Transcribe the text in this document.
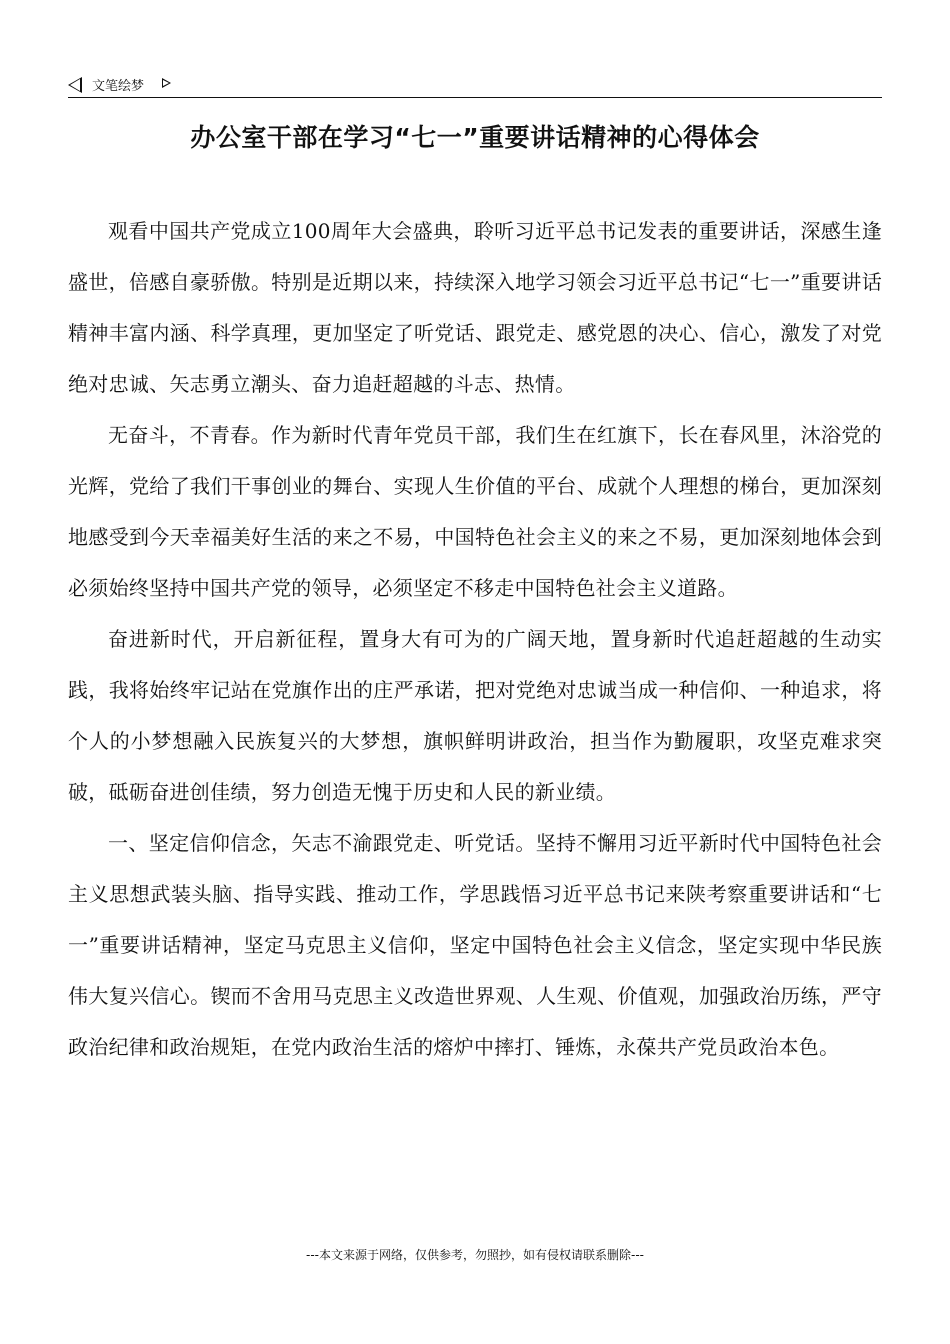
文笔绘梦
办公室干部在学习“七一”重要讲话精神的心得体会

观看中国共产党成立100周年大会盛典，聆听习近平总书记发表的重要讲话，深感生逢盛世，倍感自豪骄傲。特别是近期以来，持续深入地学习领会习近平总书记“七一”重要讲话精神丰富内涵、科学真理，更加坚定了听党话、跟党走、感党恩的决心、信心，激发了对党绝对忠诚、矢志勇立潮头、奋力追赶超越的斗志、热情。

无奋斗，不青春。作为新时代青年党员干部，我们生在红旗下，长在春风里，沐浴党的光辉，党给了我们干事创业的舞台、实现人生价值的平台、成就个人理想的梯台，更加深刻地感受到今天幸福美好生活的来之不易，中国特色社会主义的来之不易，更加深刻地体会到必须始终坚持中国共产党的领导，必须坚定不移走中国特色社会主义道路。

奋进新时代，开启新征程，置身大有可为的广阔天地，置身新时代追赶超越的生动实践，我将始终牢记站在党旗作出的庄严承诺，把对党绝对忠诚当成一种信仰、一种追求，将个人的小梦想融入民族复兴的大梦想，旗帜鲜明讲政治，担当作为勤履职，攻坚克难求突破，砥砺奋进创佳绩，努力创造无愧于历史和人民的新业绩。

一、坚定信仰信念，矢志不渝跟党走、听党话。坚持不懈用习近平新时代中国特色社会主义思想武装头脑、指导实践、推动工作，学思践悟习近平总书记来陕考察重要讲话和“七一”重要讲话精神，坚定马克思主义信仰，坚定中国特色社会主义信念，坚定实现中华民族伟大复兴信心。锲而不舍用马克思主义改造世界观、人生观、价值观，加强政治历练，严守政治纪律和政治规矩，在党内政治生活的熔炉中摔打、锤炼，永葆共产党员政治本色。

---本文来源于网络，仅供参考，勿照抄，如有侵权请联系删除---
